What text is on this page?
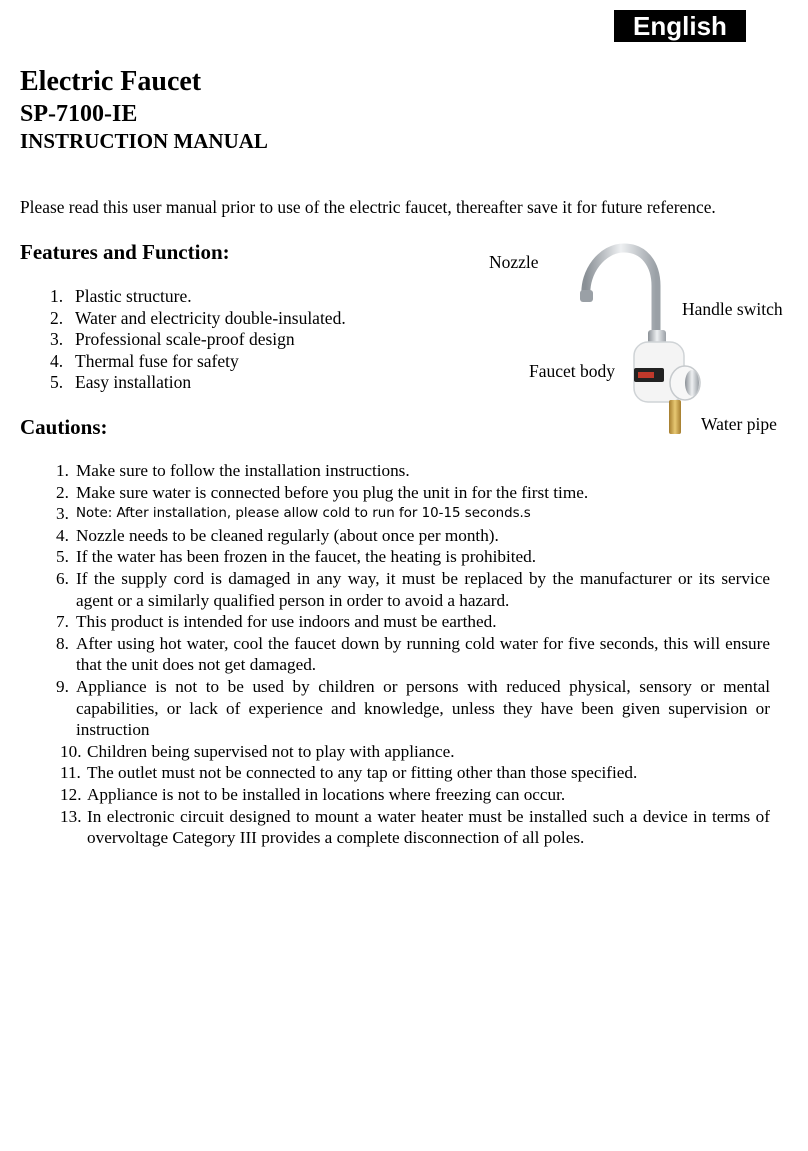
English
Electric Faucet
SP-7100-IE
INSTRUCTION MANUAL

Please read this user manual prior to use of the electric faucet, thereafter save it for future reference.

Features and Function:
1. Plastic structure.
2. Water and electricity double-insulated.
3. Professional scale-proof design
4. Thermal fuse for safety
5. Easy installation
Nozzle
Handle switch
Faucet body
Water pipe
Cautions:
1. Make sure to follow the installation instructions.
2. Make sure water is connected before you plug the unit in for the first time.
3. Note: After installation, please allow cold to run for 10-15 seconds.s
4. Nozzle needs to be cleaned regularly (about once per month).
5. If the water has been frozen in the faucet, the heating is prohibited.
6. If the supply cord is damaged in any way, it must be replaced by the manufacturer or its service agent or a similarly qualified person in order to avoid a hazard.
7. This product is intended for use indoors and must be earthed.
8. After using hot water, cool the faucet down by running cold water for five seconds, this will ensure that the unit does not get damaged.
9. Appliance is not to be used by children or persons with reduced physical, sensory or mental capabilities, or lack of experience and knowledge, unless they have been given supervision or instruction
10. Children being supervised not to play with appliance.
11. The outlet must not be connected to any tap or fitting other than those specified.
12. Appliance is not to be installed in locations where freezing can occur.
13. In electronic circuit designed to mount a water heater must be installed such a device in terms of overvoltage Category III provides a complete disconnection of all poles.
